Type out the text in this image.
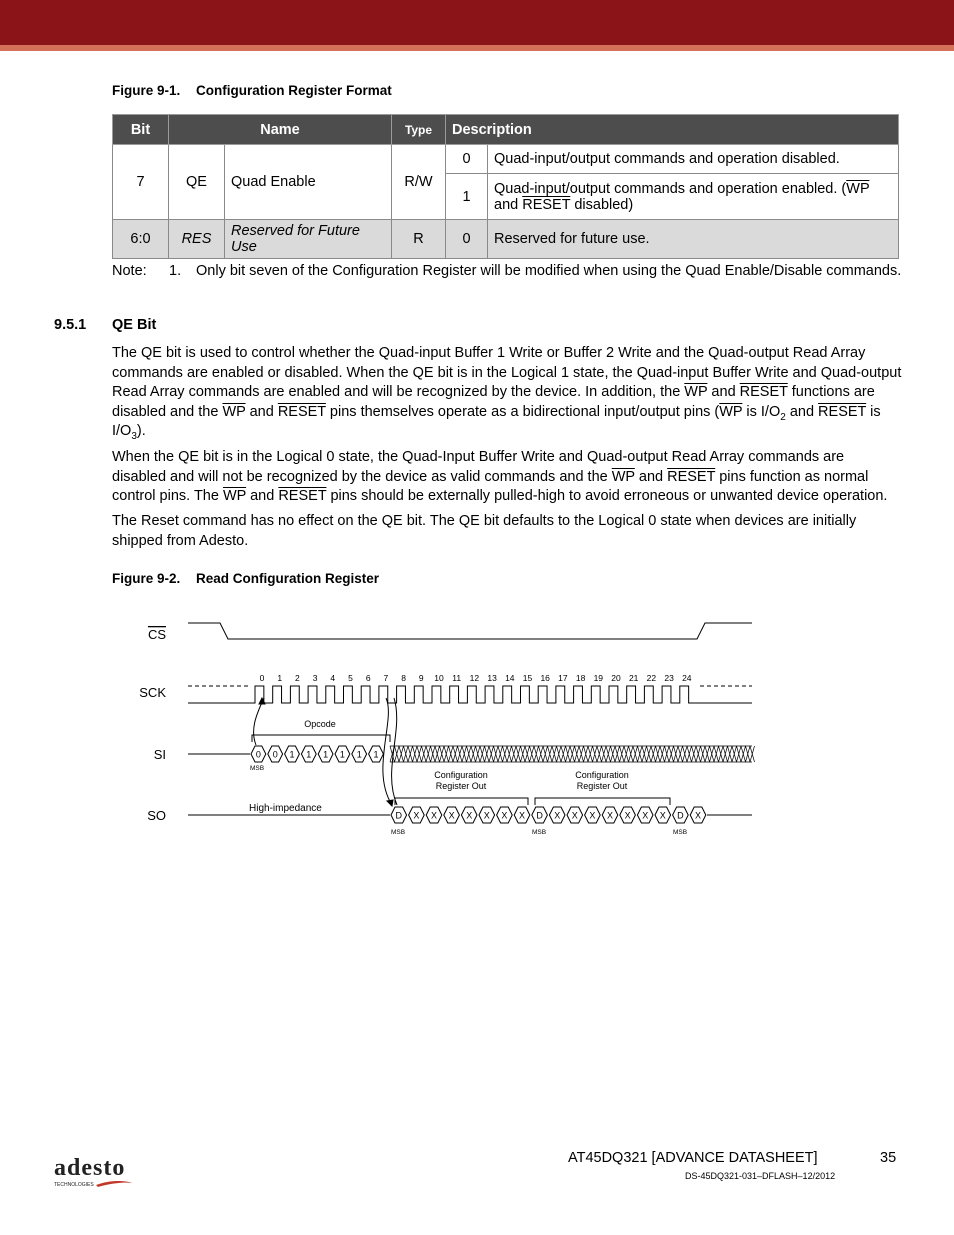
Figure 9-1. Configuration Register Format
Bit	Name		Type	Description	
7	QE	Quad Enable	R/W	0	Quad-input/output commands and operation disabled.
				1	Quad-input/output commands and operation enabled. ($\overline{WP}$ and RESET disabled)
6:0	RES	Reserved for Future Use	R	0	Reserved for future use.
Note: 1. Only bit seven of the Configuration Register will be modified when using the Quad Enable/Disable commands.
9.5.1 QE Bit
The QE bit is used to control whether the Quad-input Buffer 1 Write or Buffer 2 Write and the Quad-output Read Array commands are enabled or disabled. When the QE bit is in the Logical 1 state, the Quad-input Buffer Write and Quad-output Read Array commands are enabled and will be recognized by the device. In addition, the $\overline{WP}$ and RESET functions are disabled and the $\overline{WP}$ and RESET pins themselves operate as a bidirectional input/output pins ($\overline{WP}$ is $I/O_2$ and RESET is $I/O_3$).
When the QE bit is in the Logical 0 state, the Quad-Input Buffer Write and Quad-output Read Array commands are disabled and will not be recognized by the device as valid commands and the $\overline{WP}$ and RESET pins function as normal control pins. The $\overline{WP}$ and RESET pins should be externally pulled-high to avoid erroneous or unwanted device operation.
The Reset command has no effect on the QE bit. The QE bit defaults to the Logical 0 state when devices are initially shipped from Adesto.
Figure 9-2. Read Configuration Register
CS
SCK
SI
SO
0 1 2 3 4 5 6 7 8 9 10 11 12 13 14 15 16 17 18 19 20 21 22 23 24
Opcode
0 0 1 1 1 1 1 1
MSB
Configuration
Register Out
Configuration
Register Out
High-impedance
D X X X X X X X D X X X X X X X D X
MSB	MSB	MSB
adesto
TECHNOLOGIES
AT45DQ321 [ADVANCE DATASHEET]	35
DS-45DQ321-031–DFLASH–12/2012
